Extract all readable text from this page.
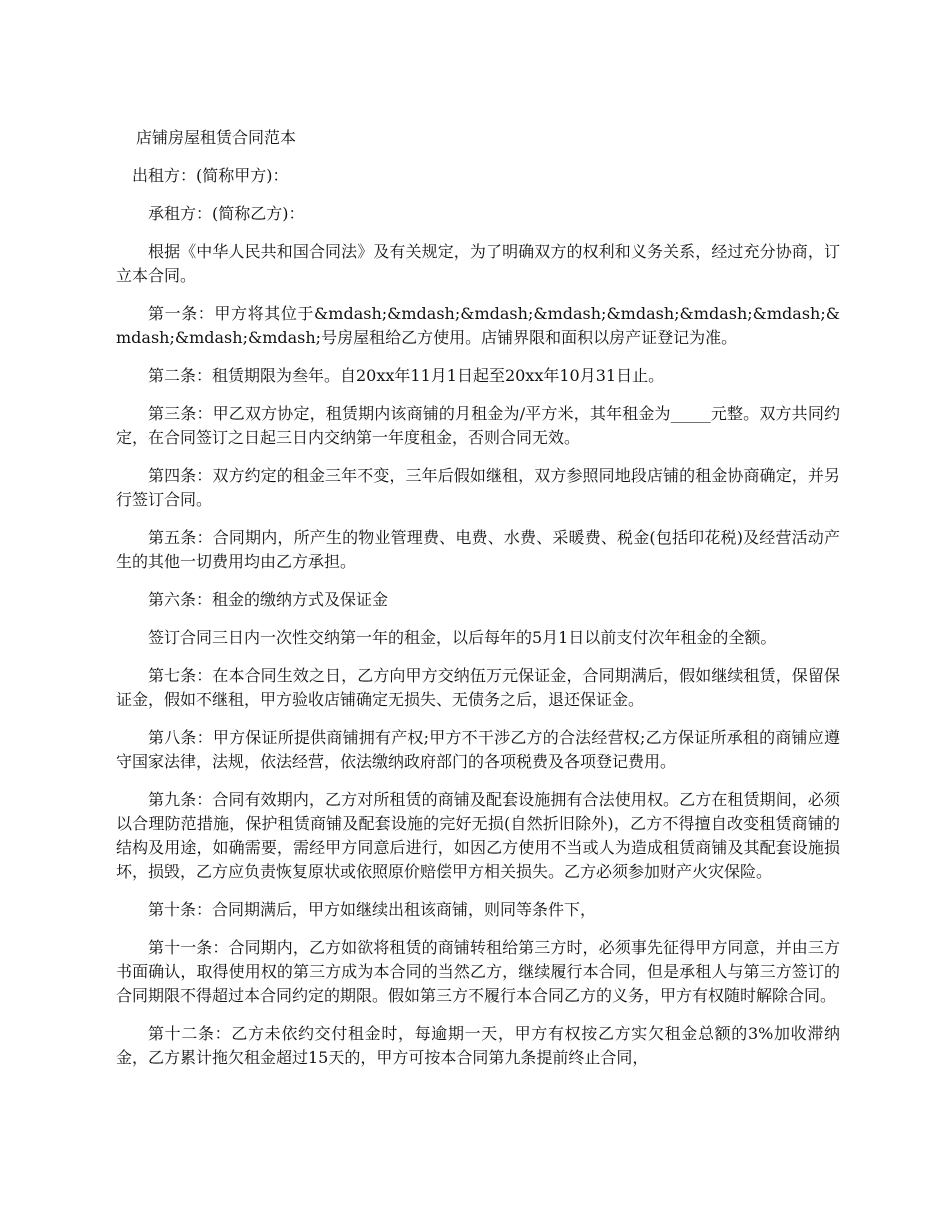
店铺房屋租赁合同范本
出租方：(简称甲方)：
承租方：(简称乙方)：

根据《中华人民共和国合同法》及有关规定，为了明确双方的权利和义务关系，经过充分协商，订立本合同。

第一条：甲方将其位于&mdash;&mdash;&mdash;&mdash;&mdash;&mdash;&mdash;&mdash;&mdash;&mdash;号房屋租给乙方使用。店铺界限和面积以房产证登记为准。

第二条：租赁期限为叁年。自20xx年11月1日起至20xx年10月31日止。

第三条：甲乙双方协定，租赁期内该商铺的月租金为/平方米，其年租金为_____元整。双方共同约定，在合同签订之日起三日内交纳第一年度租金，否则合同无效。

第四条：双方约定的租金三年不变，三年后假如继租，双方参照同地段店铺的租金协商确定，并另行签订合同。

第五条：合同期内，所产生的物业管理费、电费、水费、采暖费、税金(包括印花税)及经营活动产生的其他一切费用均由乙方承担。

第六条：租金的缴纳方式及保证金

签订合同三日内一次性交纳第一年的租金，以后每年的5月1日以前支付次年租金的全额。

第七条：在本合同生效之日，乙方向甲方交纳伍万元保证金，合同期满后，假如继续租赁，保留保证金，假如不继租，甲方验收店铺确定无损失、无债务之后，退还保证金。

第八条：甲方保证所提供商铺拥有产权;甲方不干涉乙方的合法经营权;乙方保证所承租的商铺应遵守国家法律，法规，依法经营，依法缴纳政府部门的各项税费及各项登记费用。

第九条：合同有效期内，乙方对所租赁的商铺及配套设施拥有合法使用权。乙方在租赁期间，必须以合理防范措施，保护租赁商铺及配套设施的完好无损(自然折旧除外)，乙方不得擅自改变租赁商铺的结构及用途，如确需要，需经甲方同意后进行，如因乙方使用不当或人为造成租赁商铺及其配套设施损坏，损毁，乙方应负责恢复原状或依照原价赔偿甲方相关损失。乙方必须参加财产火灾保险。

第十条：合同期满后，甲方如继续出租该商铺，则同等条件下，

第十一条：合同期内，乙方如欲将租赁的商铺转租给第三方时，必须事先征得甲方同意，并由三方书面确认，取得使用权的第三方成为本合同的当然乙方，继续履行本合同，但是承租人与第三方签订的合同期限不得超过本合同约定的期限。假如第三方不履行本合同乙方的义务，甲方有权随时解除合同。

第十二条：乙方未依约交付租金时，每逾期一天，甲方有权按乙方实欠租金总额的3%加收滞纳金，乙方累计拖欠租金超过15天的，甲方可按本合同第九条提前终止合同，
